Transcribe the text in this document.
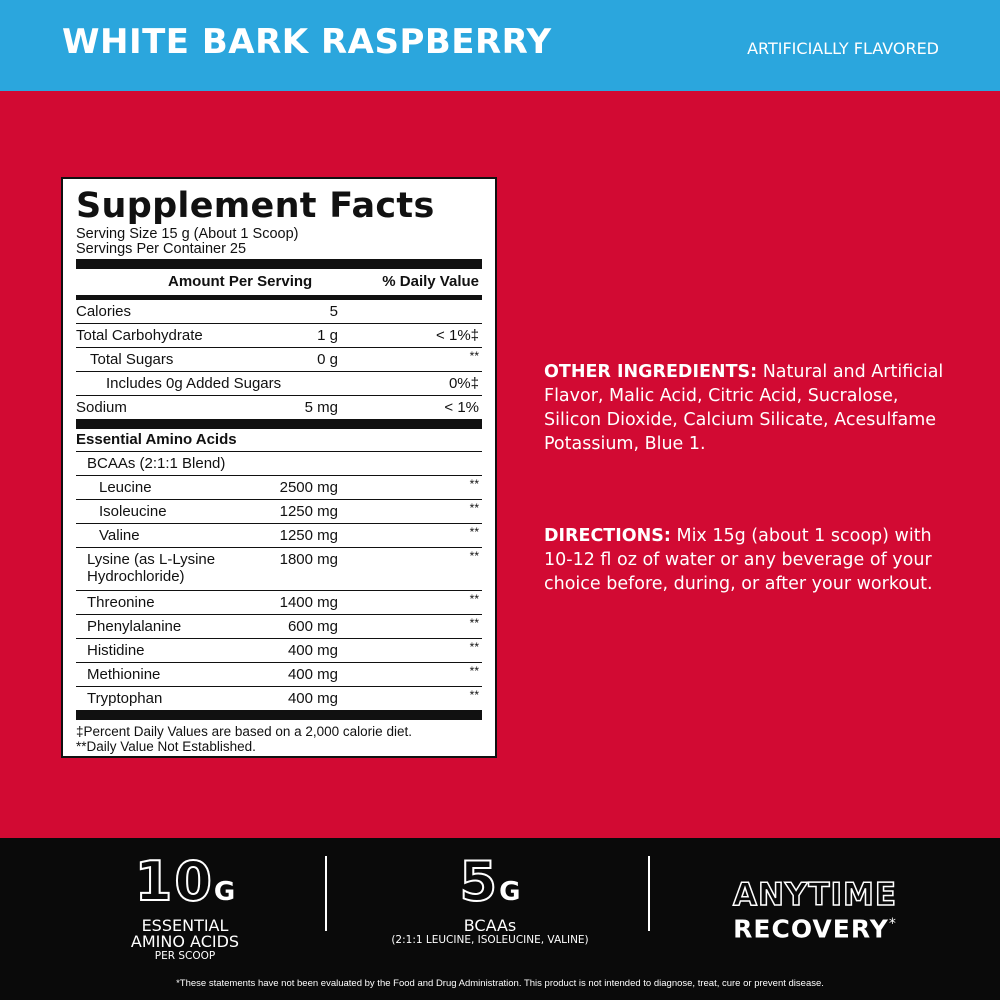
WHITE BARK RASPBERRY	ARTIFICIALLY FLAVORED
Supplement Facts
Serving Size 15 g (About 1 Scoop)
Servings Per Container 25
Amount Per Serving	% Daily Value
Calories	5
Total Carbohydrate	1 g	< 1%‡
Total Sugars	0 g	**
Includes 0g Added Sugars	0%‡
Sodium	5 mg	< 1%
Essential Amino Acids
BCAAs (2:1:1 Blend)
Leucine	2500 mg	**
Isoleucine	1250 mg	**
Valine	1250 mg	**
Lysine (as L-Lysine
Hydrochloride)
1800 mg	**
Threonine	1400 mg	**
Phenylalanine	600 mg	**
Histidine	400 mg	**
Methionine	400 mg	**
Tryptophan	400 mg	**
‡Percent Daily Values are based on a 2,000 calorie diet.
**Daily Value Not Established.
OTHER INGREDIENTS: Natural and Artificial Flavor, Malic Acid, Citric Acid, Sucralose, Silicon Dioxide, Calcium Silicate, Acesulfame Potassium, Blue 1.
DIRECTIONS: Mix 15g (about 1 scoop) with 10-12 fl oz of water or any beverage of your choice before, during, or after your workout.
10G
ESSENTIAL
AMINO ACIDS
PER SCOOP
5G
BCAAs
(2:1:1 LEUCINE, ISOLEUCINE, VALINE)
ANYTIME
RECOVERY*
*These statements have not been evaluated by the Food and Drug Administration. This product is not intended to diagnose, treat, cure or prevent disease.
